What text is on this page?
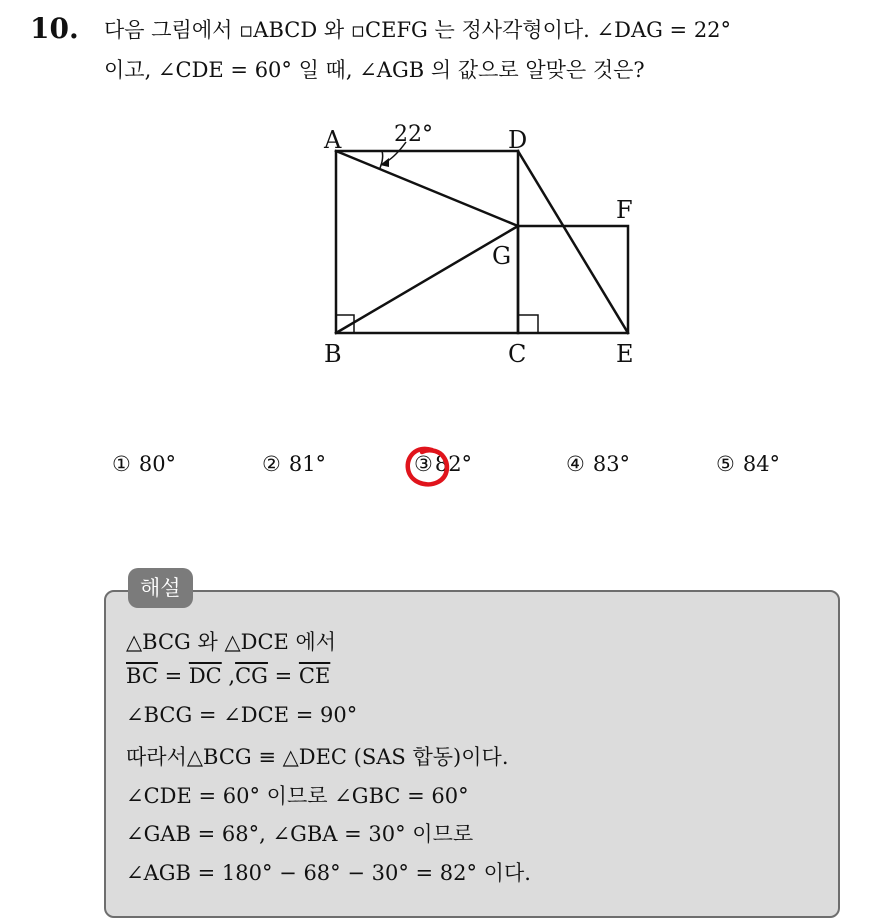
10. 다음 그림에서 ▫ABCD 와 ▫CEFG 는 정사각형이다. ∠DAG = 22°
이고, ∠CDE = 60° 일 때, ∠AGB 의 값으로 알맞은 것은?
A	D
F
G
B	C	E
22°
① 80°	② 81°	③82°	④ 83°	⑤ 84°
해설
△BCG 와 △DCE 에서
$\overline{BC} = \overline{DC}$ $,\overline{CG} = \overline{CE}$
∠BCG = ∠DCE = 90°
따라서△BCG ≡ △DEC (SAS 합동)이다.
∠CDE = 60° 이므로 ∠GBC = 60°
∠GAB = 68°, ∠GBA = 30° 이므로
∠AGB = 180° − 68° − 30° = 82° 이다.
